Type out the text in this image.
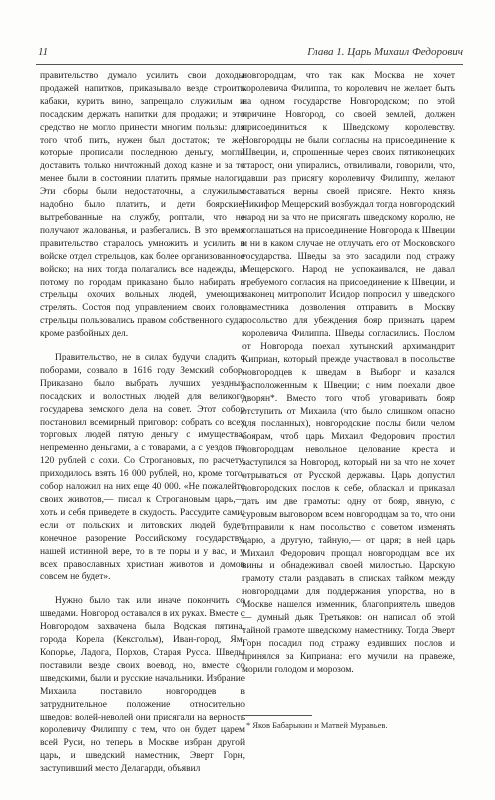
11	Глава 1. Царь Михаил Федорович

правительство думало усилить свои доходы продажей напитков, приказывало везде строить кабаки, курить вино, запрещало служилым и посадским держать напитки для продажи; и это средство не могло принести многим пользы: для того чтоб пить, нужен был достаток; те же, которые прописали последнюю деньгу, могли доставить только ничтожный доход казне и за то менее были в состоянии платить прямые налоги. Эти сборы были недостаточны, а служилым надобно было платить, и дети боярские, вытребованные на службу, роптали, что не получают жалованья, и разбегались. В это время правительство старалось умножить и усилить в войске отдел стрельцов, как более организованное войско; на них тогда полагались все надежды, и потому по городам приказано было набирать в стрельцы охочих вольных людей, умеющих стрелять. Состоя под управлением своих голов, стрельцы пользовались правом собственного суда, кроме разбойных дел.

Правительство, не в силах будучи сладить с поборами, созвало в 1616 году Земский собор. Приказано было выбрать лучших уездных посадских и волостных людей для великого государева земского дела на совет. Этот собор постановил всемирный приговор: собрать со всех торговых людей пятую деньгу с имущества, непременно деньгами, а с товарами, а с уездов по 120 рублей с сохи. Со Строгановых, по расчету, приходилось взять 16 000 рублей, но, кроме того, собор наложил на них еще 40 000. «Не пожалейте своих животов,— писал к Строгановым царь,— хоть и себя приведете в скудость. Рассудите сами: если от польских и литовских людей будет конечное разорение Российскому государству, нашей истинной вере, то в те поры и у вас, и у всех православных христиан животов и домов совсем не будет».

Нужно было так или иначе покончить со шведами. Новгород оставался в их руках. Вместе с Новгородом захвачена была Водская пятина, города Корела (Кексгольм), Иван-город, Ям, Копорье, Ладога, Порхов, Старая Русса. Шведы поставили везде своих воевод, но, вместе со шведскими, были и русские начальники. Избрание Михаила поставило новгородцев в затруднительное положение относительно шведов: волей-неволей они присягали на верность королевичу Филиппу с тем, что он будет царем всей Руси, но теперь в Москве избран другой царь, и шведский наместник, Эверт Горн, заступивший место Делагарди, объявил

новгородцам, что так как Москва не хочет королевича Филиппа, то королевич не желает быть на одном государстве Новгородском; по этой причине Новгород, со своей землей, должен присоединиться к Шведскому королевству. Новгородцы не были согласны на присоединение к Швеции, и, спрошенные через своих пятиконецких старост, они упирались, отвиливали, говорили, что, давши раз присягу королевичу Филиппу, желают оставаться верны своей присяге. Некто князь Никифор Мещерский возбуждал тогда новгородский народ ни за что не присягать шведскому королю, не соглашаться на присоединение Новгорода к Швеции и ни в каком случае не отлучать его от Московского государства. Шведы за это засадили под стражу Мещерского. Народ не успокаивался, не давал требуемого согласия на присоединение к Швеции, и наконец митрополит Исидор попросил у шведского наместника дозволения отправить в Москву посольство для убеждения бояр признать царем королевича Филиппа. Шведы согласились. Послом от Новгорода поехал хутынский архимандрит Киприан, который прежде участвовал в посольстве новгородцев к шведам в Выборг и казался расположенным к Швеции; с ним поехали двое дворян*. Вместо того чтоб уговаривать бояр отступить от Михаила (что было слишком опасно для посланных), новгородские послы били челом боярам, чтоб царь Михаил Федорович простил новгородцам невольное целование креста и заступился за Новгород, который ни за что не хочет отрываться от Русской державы. Царь допустил новгородских послов к себе, обласкал и приказал дать им две грамоты: одну от бояр, явную, с суровым выговором всем новгородцам за то, что они отправили к нам посольство с советом изменять царю, а другую, тайную,— от царя; в ней царь Михаил Федорович прощал новгородцам все их вины и обнадеживал своей милостью. Царскую грамоту стали раздавать в списках тайком между новгородцами для поддержания упорства, но в Москве нашелся изменник, благоприятель шведов — думный дьяк Третьяков: он написал об этой тайной грамоте шведскому наместнику. Тогда Эверт Горн посадил под стражу ездивших послов и принялся за Киприана: его мучили на правеже, морили голодом и морозом.

* Яков Бабарыкин и Матвей Муравьев.
